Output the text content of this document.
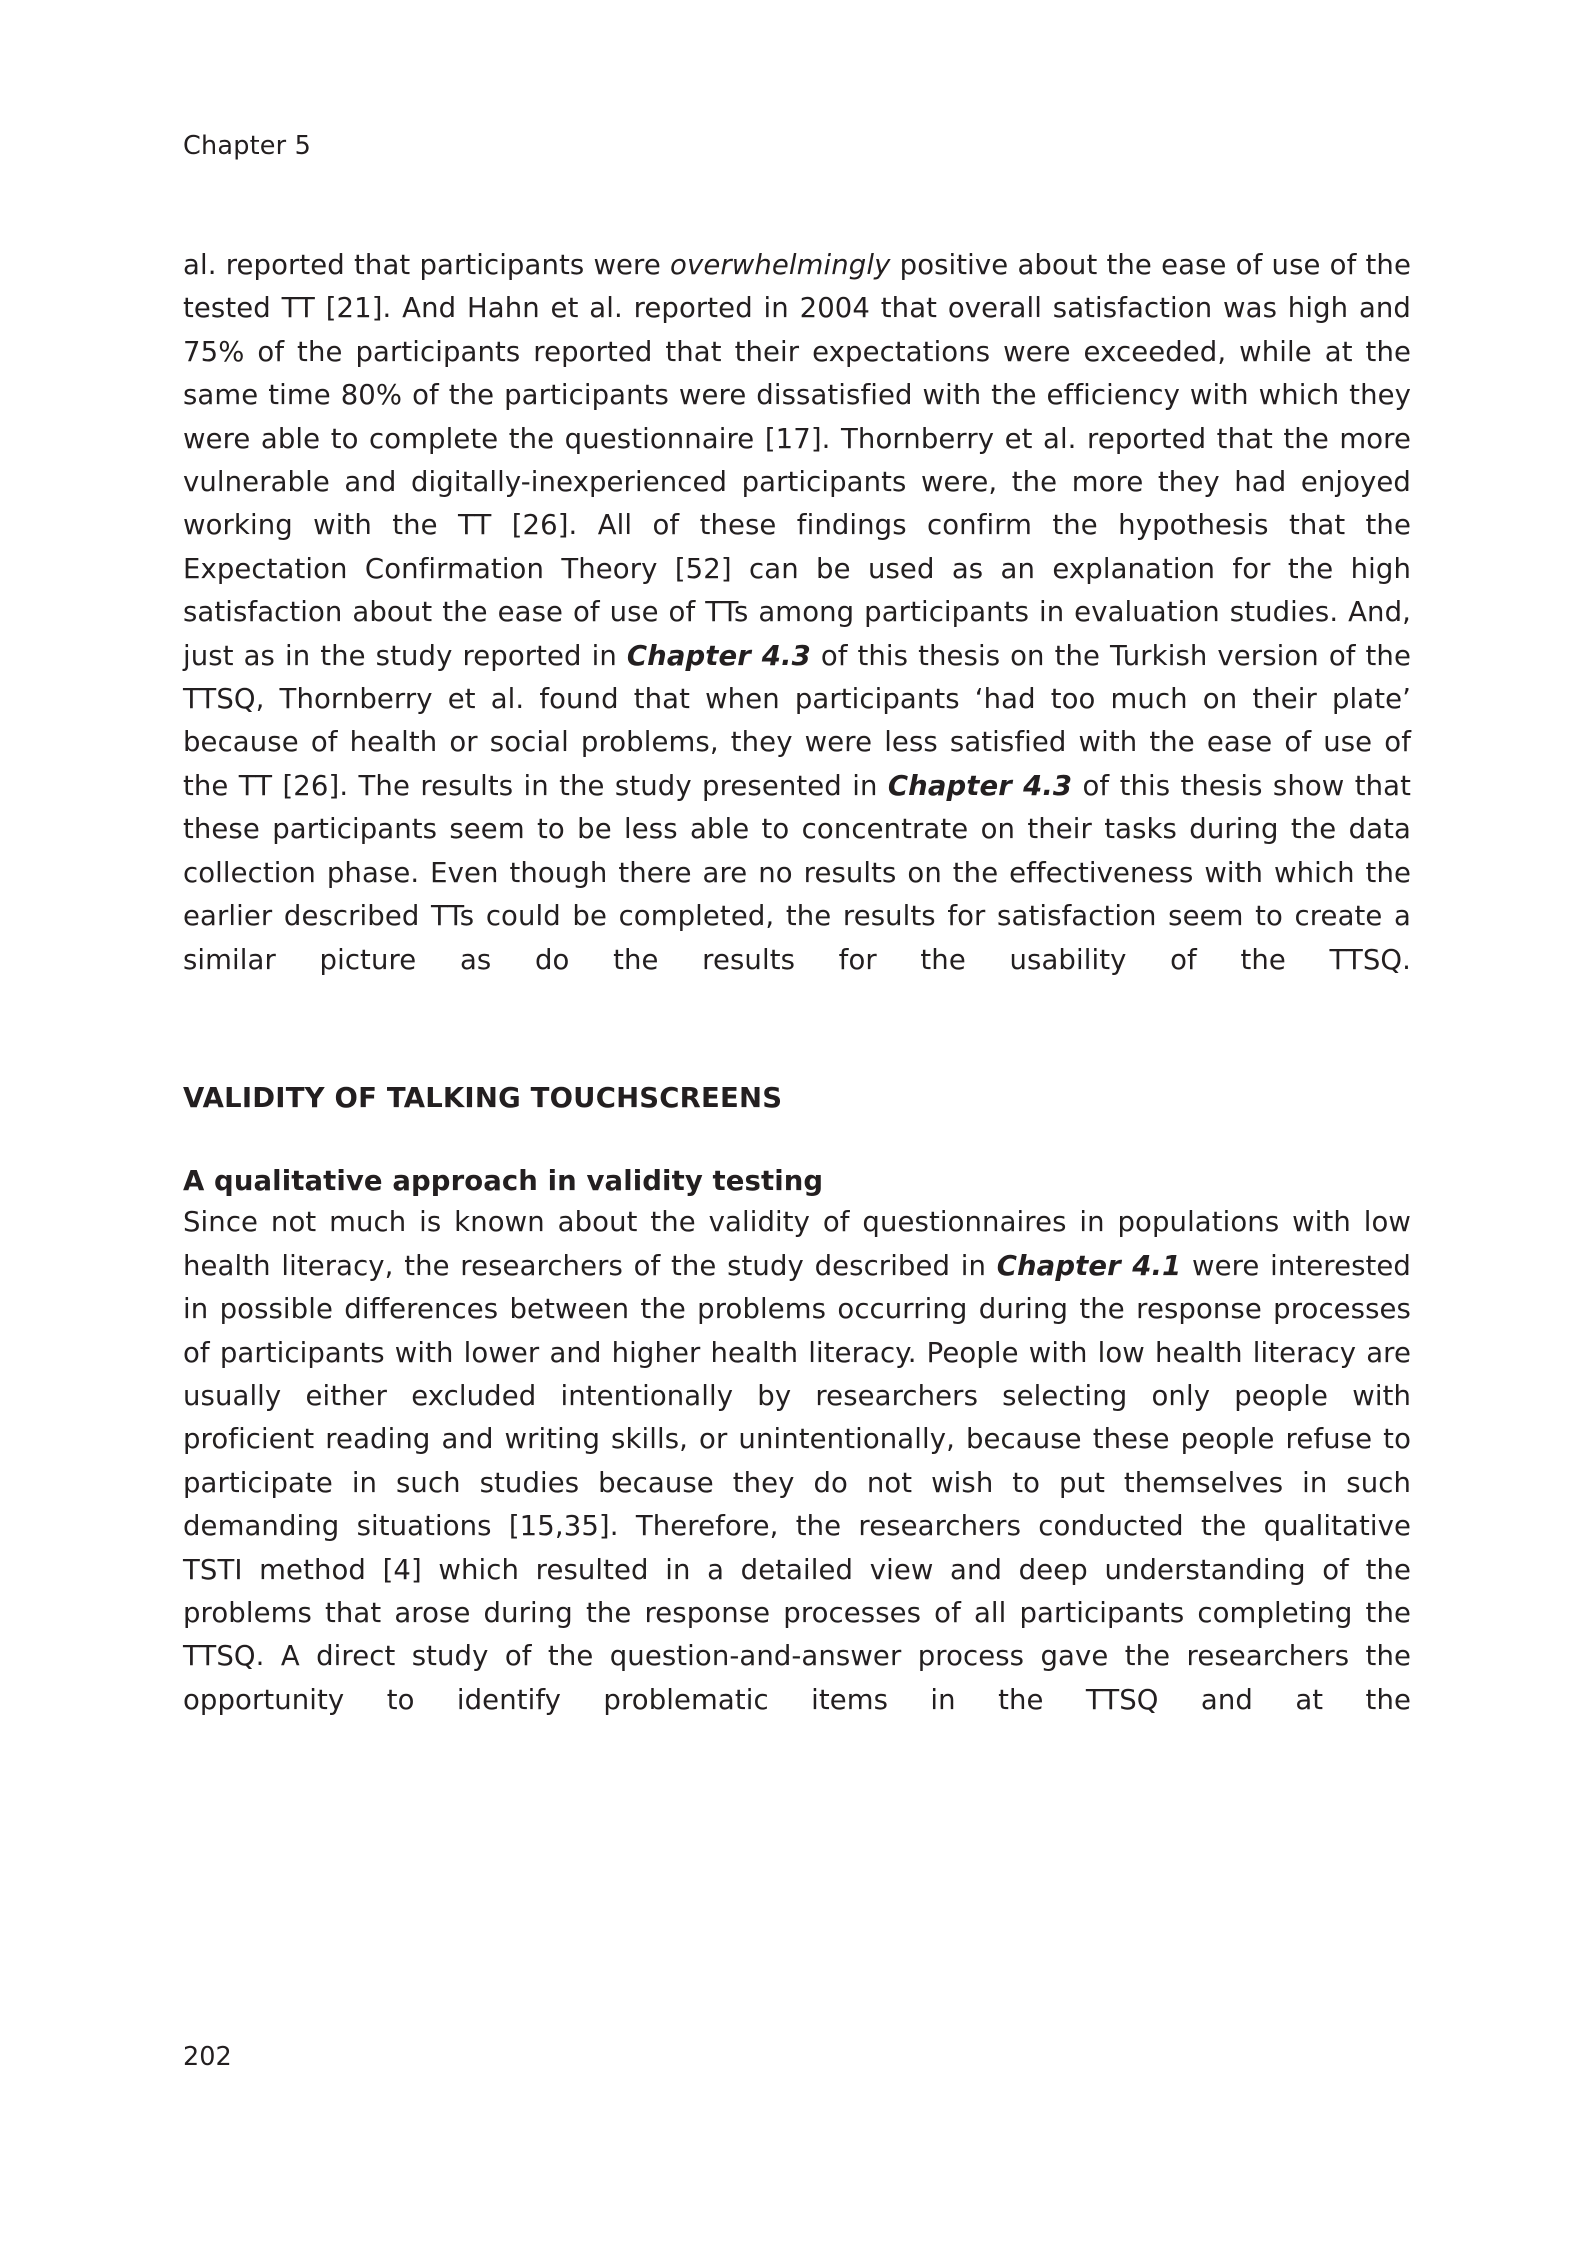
Chapter 5

al. reported that participants were overwhelmingly positive about the ease of use of the tested TT [21]. And Hahn et al. reported in 2004 that overall satisfaction was high and 75% of the participants reported that their expectations were exceeded, while at the same time 80% of the participants were dissatisfied with the efficiency with which they were able to complete the questionnaire [17]. Thornberry et al. reported that the more vulnerable and digitally-inexperienced participants were, the more they had enjoyed working with the TT [26]. All of these findings confirm the hypothesis that the Expectation Confirmation Theory [52] can be used as an explanation for the high satisfaction about the ease of use of TTs among participants in evaluation studies. And, just as in the study reported in Chapter 4.3 of this thesis on the Turkish version of the TTSQ, Thornberry et al. found that when participants ‘had too much on their plate’ because of health or social problems, they were less satisfied with the ease of use of the TT [26]. The results in the study presented in Chapter 4.3 of this thesis show that these participants seem to be less able to concentrate on their tasks during the data collection phase. Even though there are no results on the effectiveness with which the earlier described TTs could be completed, the results for satisfaction seem to create a similar picture as do the results for the usability of the TTSQ.

VALIDITY OF TALKING TOUCHSCREENS
A qualitative approach in validity testing

Since not much is known about the validity of questionnaires in populations with low health literacy, the researchers of the study described in Chapter 4.1 were interested in possible differences between the problems occurring during the response processes of participants with lower and higher health literacy. People with low health literacy are usually either excluded intentionally by researchers selecting only people with proficient reading and writing skills, or unintentionally, because these people refuse to participate in such studies because they do not wish to put themselves in such demanding situations [15,35]. Therefore, the researchers conducted the qualitative TSTI method [4] which resulted in a detailed view and deep understanding of the problems that arose during the response processes of all participants completing the TTSQ. A direct study of the question-and-answer process gave the researchers the opportunity to identify problematic items in the TTSQ and at the

202
